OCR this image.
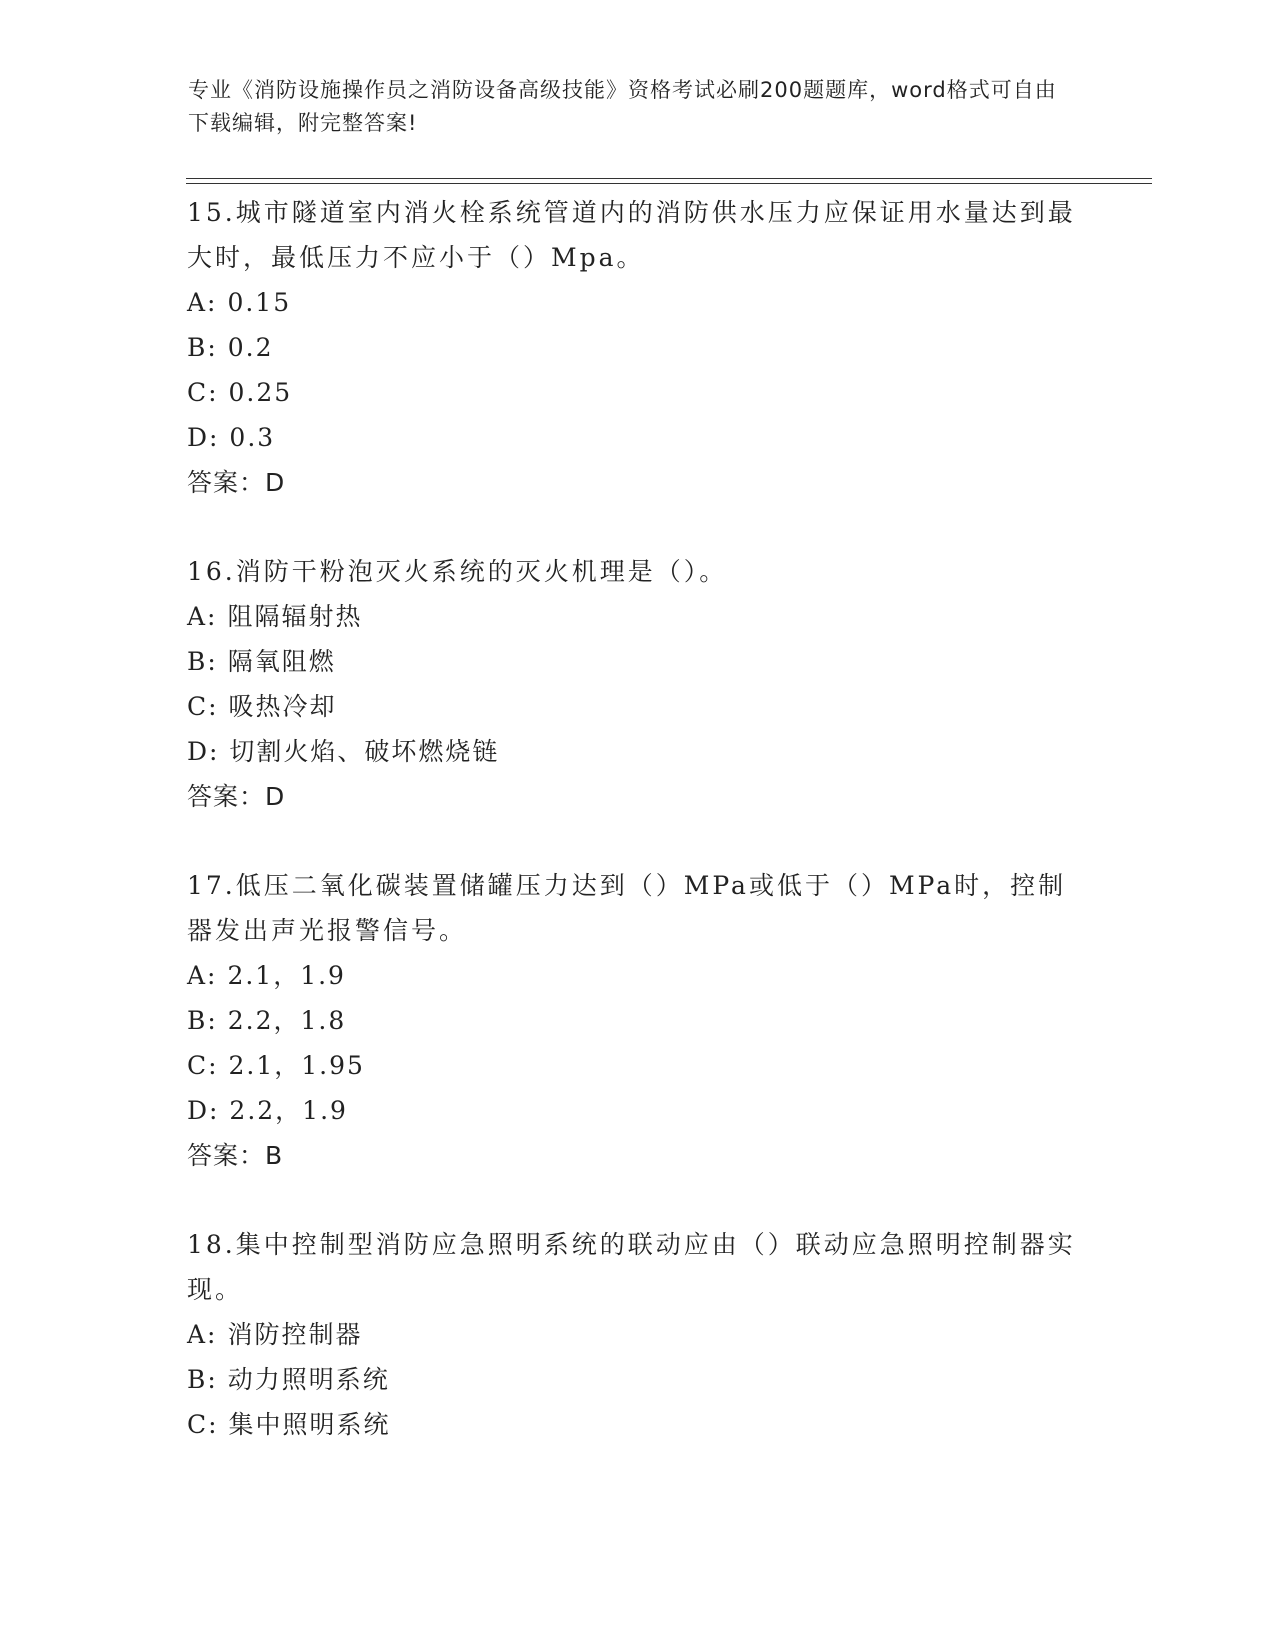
专业《消防设施操作员之消防设备高级技能》资格考试必刷200题题库，word格式可自由下载编辑，附完整答案!
15.城市隧道室内消火栓系统管道内的消防供水压力应保证用水量达到最大时，最低压力不应小于（）Mpa。
A: 0.15
B: 0.2
C: 0.25
D: 0.3
答案：D
16.消防干粉泡灭火系统的灭火机理是（）。
A: 阻隔辐射热
B: 隔氧阻燃
C: 吸热冷却
D: 切割火焰、破坏燃烧链
答案：D
17.低压二氧化碳装置储罐压力达到（）MPa或低于（）MPa时，控制器发出声光报警信号。
A: 2.1，1.9
B: 2.2，1.8
C: 2.1，1.95
D: 2.2，1.9
答案：B
18.集中控制型消防应急照明系统的联动应由（）联动应急照明控制器实现。
A: 消防控制器
B: 动力照明系统
C: 集中照明系统
